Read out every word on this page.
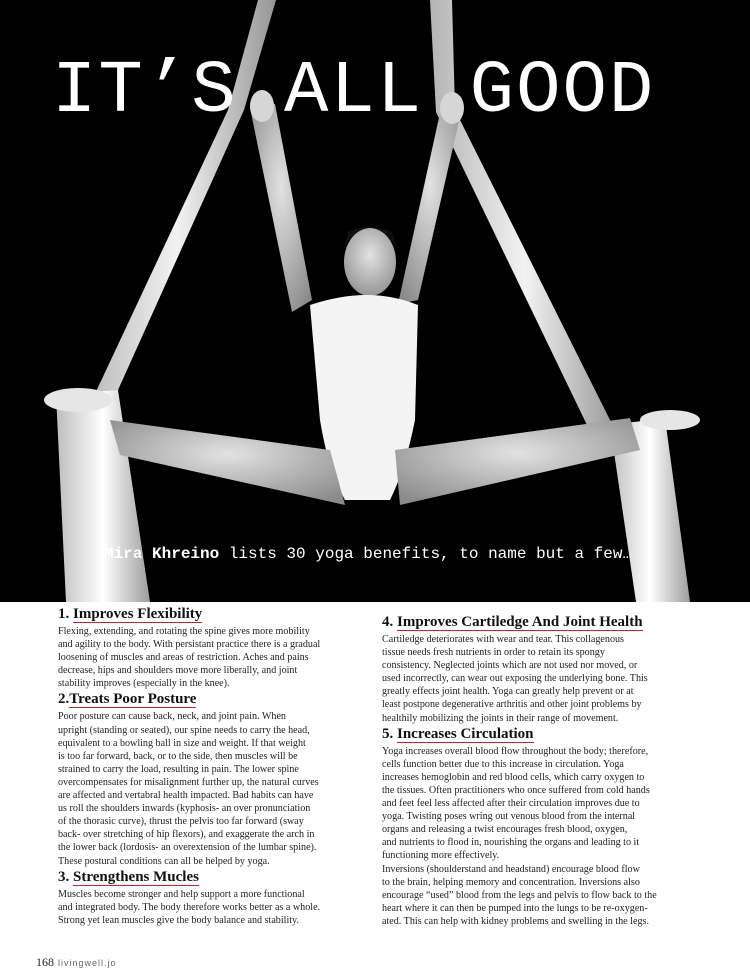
IT’S ALL GOOD
Mira Khreino lists 30 yoga benefits, to name but a few…
1. Improves Flexibility

Flexing, extending, and rotating the spine gives more mobility
and agility to the body. With persistant practice there is a gradual
loosening of muscles and areas of restriction. Aches and pains
decrease, hips and shoulders move more liberally, and joint
stability improves (especially in the knee).

2.Treats Poor Posture

Poor posture can cause back, neck, and joint pain. When
upright (standing or seated), our spine needs to carry the head,
equivalent to a bowling ball in size and weight. If that weight
is too far forward, back, or to the side, then muscles will be
strained to carry the load, resulting in pain. The lower spine
overcompensates for misalignment further up, the natural curves
are affected and vertabral health impacted. Bad habits can have
us roll the shoulders inwards (kyphosis- an over pronunciation
of the thorasic curve), thrust the pelvis too far forward (sway
back- over stretching of hip flexors), and exaggerate the arch in
the lower back (lordosis- an overextension of the lumbar spine).
These postural conditions can all be helped by yoga.

3. Strengthens Mucles

Muscles become stronger and help support a more functional
and integrated body. The body therefore works better as a whole.
Strong yet lean muscles give the body balance and stability.

4. Improves Cartiledge And Joint Health

Cartiledge deteriorates with wear and tear. This collagenous
tissue needs fresh nutrients in order to retain its spongy
consistency. Neglected joints which are not used nor moved, or
used incorrectly, can wear out exposing the underlying bone. This
greatly effects joint health. Yoga can greatly help prevent or at
least postpone degenerative arthritis and other joint problems by
healthily mobilizing the joints in their range of movement.

5. Increases Circulation

Yoga increases overall blood flow throughout the body; therefore,
cells function better due to this increase in circulation. Yoga
increases hemoglobin and red blood cells, which carry oxygen to
the tissues. Often practitioners who once suffered from cold hands
and feet feel less affected after their circulation improves due to
yoga. Twisting poses wring out venous blood from the internal
organs and releasing a twist encourages fresh blood, oxygen,
and nutrients to flood in, nourishing the organs and leading to it
functioning more effectively.
Inversions (shoulderstand and headstand) encourage blood flow
to the brain, helping memory and concentration. Inversions also
encourage “used” blood from the legs and pelvis to flow back to the
heart where it can then be pumped into the lungs to be re-oxygen-
ated. This can help with kidney problems and swelling in the legs.

168 livingwell.jo
